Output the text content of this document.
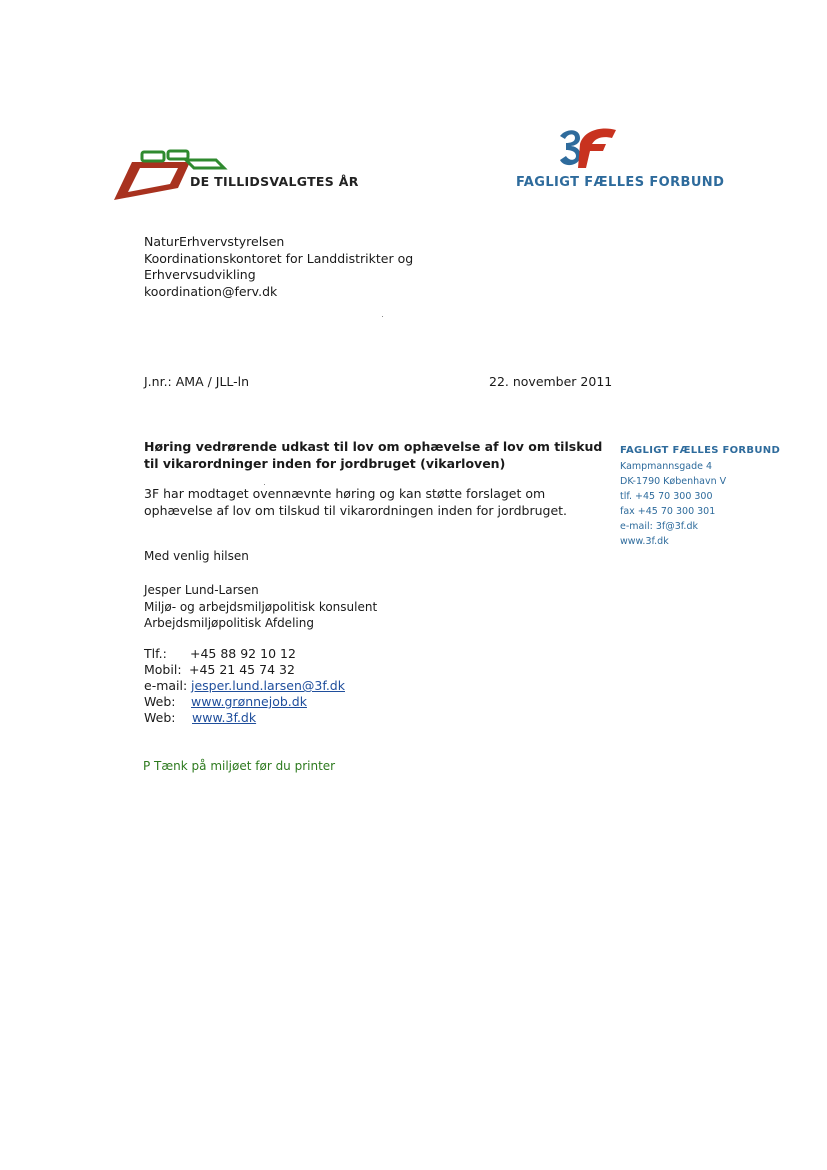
DE TILLIDSVALGTES ÅR	FAGLIGT FÆLLES FORBUND
NaturErhvervstyrelsen
Koordinationskontoret for Landdistrikter og
Erhvervsudvikling
koordination@ferv.dk
J.nr.: AMA / JLL-ln	22. november 2011
Høring vedrørende udkast til lov om ophævelse af lov om tilskud til vikarordninger inden for jordbruget (vikarloven)
3F har modtaget ovennævnte høring og kan støtte forslaget om ophævelse af lov om tilskud til vikarordningen inden for jordbruget.
Med venlig hilsen
Jesper Lund-Larsen
Miljø- og arbejdsmiljøpolitisk konsulent
Arbejdsmiljøpolitisk Afdeling
Tlf.:	+45 88 92 10 12
Mobil: +45 21 45 74 32
e-mail: jesper.lund.larsen@3f.dk
Web:	www.grønnejob.dk
Web:	www.3f.dk
P Tænk på miljøet før du printer
FAGLIGT FÆLLES FORBUND
Kampmannsgade 4
DK-1790 København V
tlf. +45 70 300 300
fax +45 70 300 301
e-mail: 3f@3f.dk
www.3f.dk
